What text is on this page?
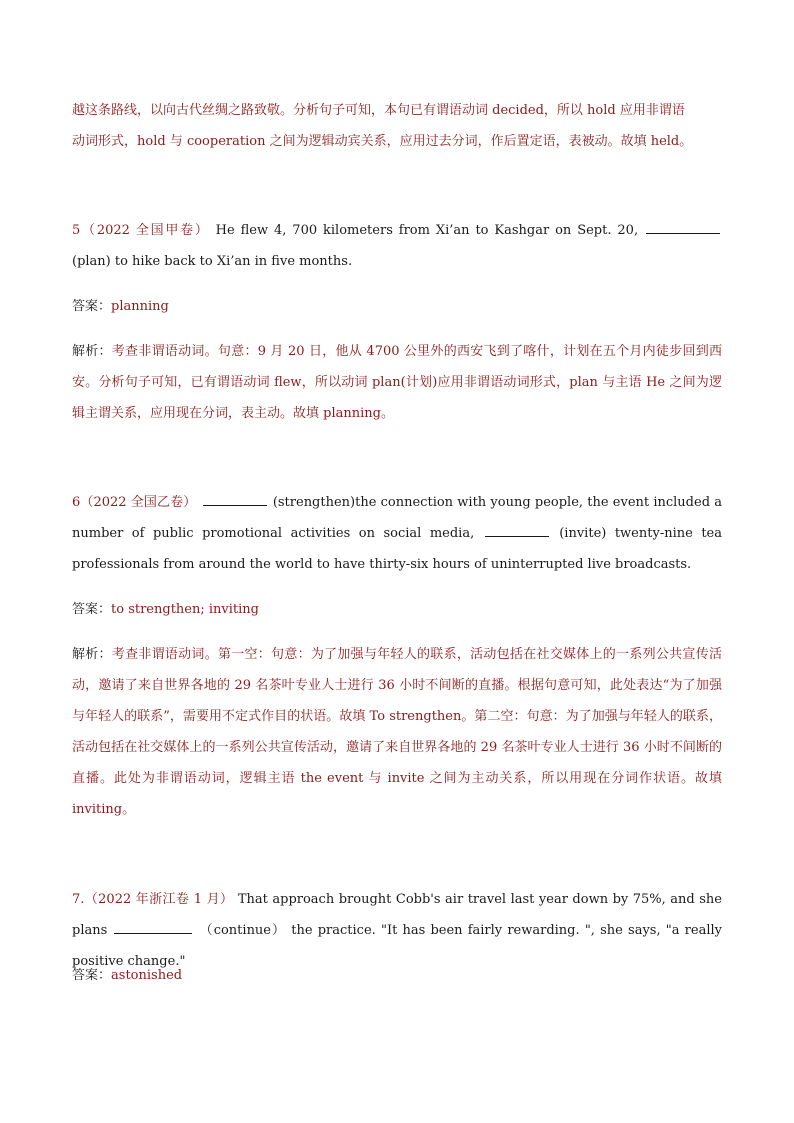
越这条路线，以向古代丝绸之路致敬。分析句子可知，本句已有谓语动词 decided，所以 hold 应用非谓语
动词形式，hold 与 cooperation 之间为逻辑动宾关系，应用过去分词，作后置定语，表被动。故填 held。

5（2022 全国甲卷） He flew 4, 700 kilometers from Xi’an to Kashgar on Sept. 20,  (plan) to hike back to Xi’an in five months.

答案：planning

解析：考查非谓语动词。句意：9 月 20 日，他从 4700 公里外的西安飞到了喀什，计划在五个月内徒步回到西安。分析句子可知，已有谓语动词 flew，所以动词 plan(计划)应用非谓语动词形式，plan 与主语 He 之间为逻辑主谓关系，应用现在分词，表主动。故填 planning。

6（2022 全国乙卷）	(strengthen)the connection with young people, the event included a number of public promotional activities on social media,	(invite) twenty-nine tea professionals from around the world to have thirty-six hours of uninterrupted live broadcasts.

答案：to strengthen; inviting

解析：考查非谓语动词。第一空：句意：为了加强与年轻人的联系，活动包括在社交媒体上的一系列公共宣传活动，邀请了来自世界各地的 29 名茶叶专业人士进行 36 小时不间断的直播。根据句意可知，此处表达“为了加强与年轻人的联系”，需要用不定式作目的状语。故填 To strengthen。第二空：句意：为了加强与年轻人的联系，活动包括在社交媒体上的一系列公共宣传活动，邀请了来自世界各地的 29 名茶叶专业人士进行 36 小时不间断的直播。此处为非谓语动词，逻辑主语 the event 与 invite 之间为主动关系，所以用现在分词作状语。故填 inviting。

7.（2022 年浙江卷 1 月） That approach brought Cobb's air travel last year down by 75%, and she plans	（continue） the practice. "It has been fairly rewarding. ", she says, "a really positive change."

答案：astonished
